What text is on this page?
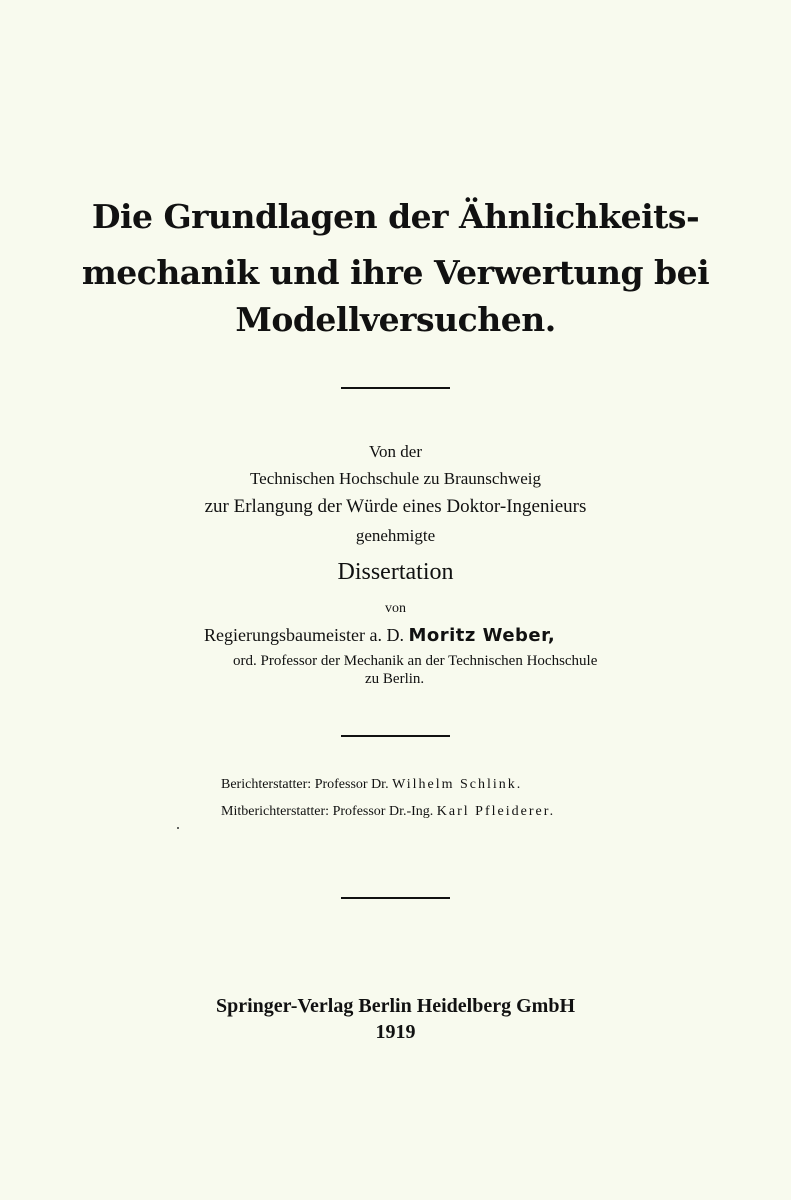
Die Grundlagen der Ähnlichkeits-
mechanik und ihre Verwertung bei
Modellversuchen.
Von der
Technischen Hochschule zu Braunschweig
zur Erlangung der Würde eines Doktor-Ingenieurs
genehmigte
Dissertation
von
Regierungsbaumeister a. D. Moritz Weber,
ord. Professor der Mechanik an der Technischen Hochschule
zu Berlin.
Berichterstatter: Professor Dr. Wilhelm Schlink.
Mitberichterstatter: Professor Dr.-Ing. Karl Pfleiderer.
Springer-Verlag Berlin Heidelberg GmbH
1919
